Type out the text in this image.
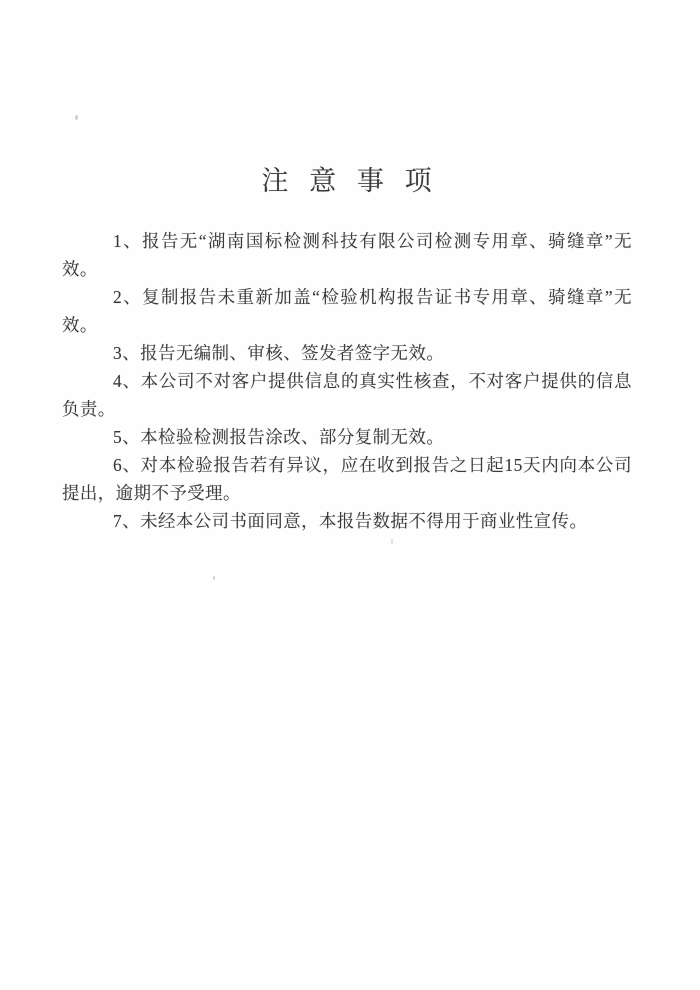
注 意 事 项

1、报告无“湖南国标检测科技有限公司检测专用章、骑缝章”无效。

2、复制报告未重新加盖“检验机构报告证书专用章、骑缝章”无效。

3、报告无编制、审核、签发者签字无效。

4、本公司不对客户提供信息的真实性核查，不对客户提供的信息负责。

5、本检验检测报告涂改、部分复制无效。

6、对本检验报告若有异议，应在收到报告之日起15天内向本公司提出，逾期不予受理。

7、未经本公司书面同意，本报告数据不得用于商业性宣传。
